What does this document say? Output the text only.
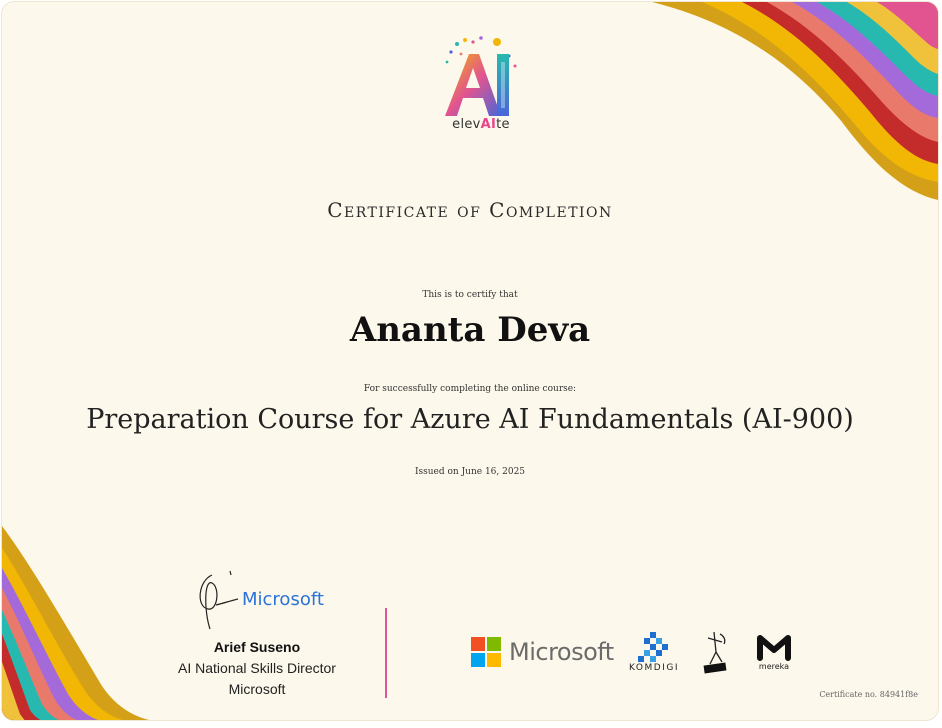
elevAIte
Certificate of Completion
This is to certify that
Ananta Deva
For successfully completing the online course:
Preparation Course for Azure AI Fundamentals (AI-900)
Issued on June 16, 2025
Microsoft
Arief Suseno
AI National Skills Director
Microsoft
Microsoft
KOMDIGI	mereka
Certificate no. 84941f8e
